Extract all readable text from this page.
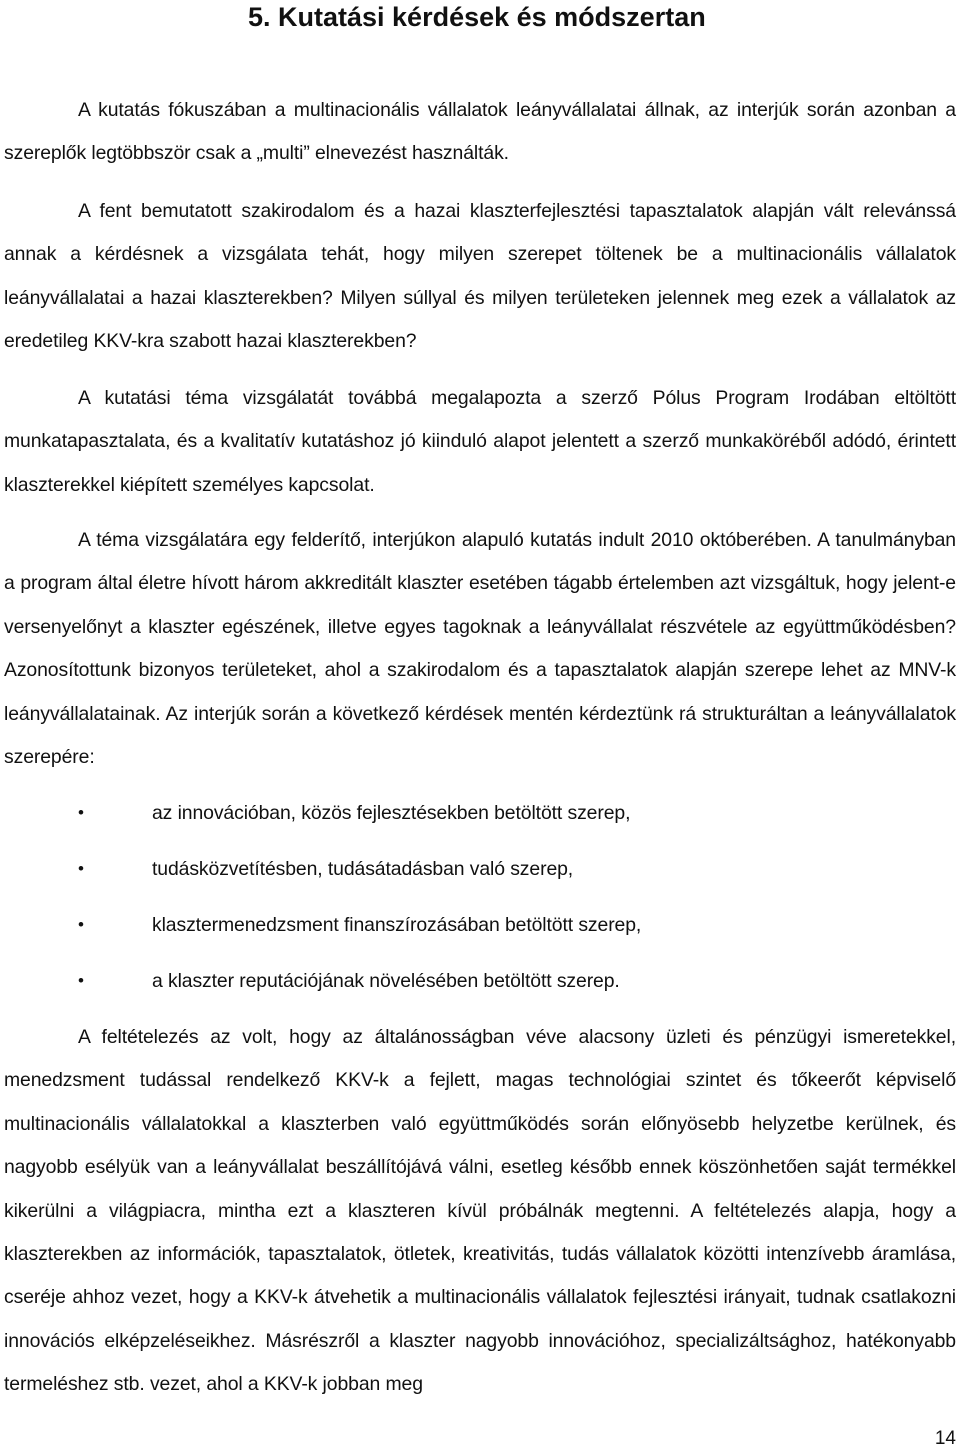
5. Kutatási kérdések és módszertan

A kutatás fókuszában a multinacionális vállalatok leányvállalatai állnak, az interjúk során azonban a szereplők legtöbbször csak a „multi” elnevezést használták.

A fent bemutatott szakirodalom és a hazai klaszterfejlesztési tapasztalatok alapján vált relevánssá annak a kérdésnek a vizsgálata tehát, hogy milyen szerepet töltenek be a multinacionális vállalatok leányvállalatai a hazai klaszterekben? Milyen súllyal és milyen területeken jelennek meg ezek a vállalatok az eredetileg KKV-kra szabott hazai klaszterekben?

A kutatási téma vizsgálatát továbbá megalapozta a szerző Pólus Program Irodában eltöltött munkatapasztalata, és a kvalitatív kutatáshoz jó kiinduló alapot jelentett a szerző munkaköréből adódó, érintett klaszterekkel kiépített személyes kapcsolat.

A téma vizsgálatára egy felderítő, interjúkon alapuló kutatás indult 2010 októberében. A tanulmányban a program által életre hívott három akkreditált klaszter esetében tágabb értelemben azt vizsgáltuk, hogy jelent-e versenyelőnyt a klaszter egészének, illetve egyes tagoknak a leányvállalat részvétele az együttműködésben? Azonosítottunk bizonyos területeket, ahol a szakirodalom és a tapasztalatok alapján szerepe lehet az MNV-k leányvállalatainak. Az interjúk során a következő kérdések mentén kérdeztünk rá strukturáltan a leányvállalatok szerepére:

•	az innovációban, közös fejlesztésekben betöltött szerep,
•	tudásközvetítésben, tudásátadásban való szerep,
•	klasztermenedzsment finanszírozásában betöltött szerep,
•	a klaszter reputációjának növelésében betöltött szerep.

A feltételezés az volt, hogy az általánosságban véve alacsony üzleti és pénzügyi ismeretekkel, menedzsment tudással rendelkező KKV-k a fejlett, magas technológiai szintet és tőkeerőt képviselő multinacionális vállalatokkal a klaszterben való együttműködés során előnyösebb helyzetbe kerülnek, és nagyobb esélyük van a leányvállalat beszállítójává válni, esetleg később ennek köszönhetően saját termékkel kikerülni a világpiacra, mintha ezt a klaszteren kívül próbálnák megtenni. A feltételezés alapja, hogy a klaszterekben az információk, tapasztalatok, ötletek, kreativitás, tudás vállalatok közötti intenzívebb áramlása, cseréje ahhoz vezet, hogy a KKV-k átvehetik a multinacionális vállalatok fejlesztési irányait, tudnak csatlakozni innovációs elképzeléseikhez. Másrészről a klaszter nagyobb innovációhoz, specializáltsághoz, hatékonyabb termeléshez stb. vezet, ahol a KKV-k jobban meg

14
